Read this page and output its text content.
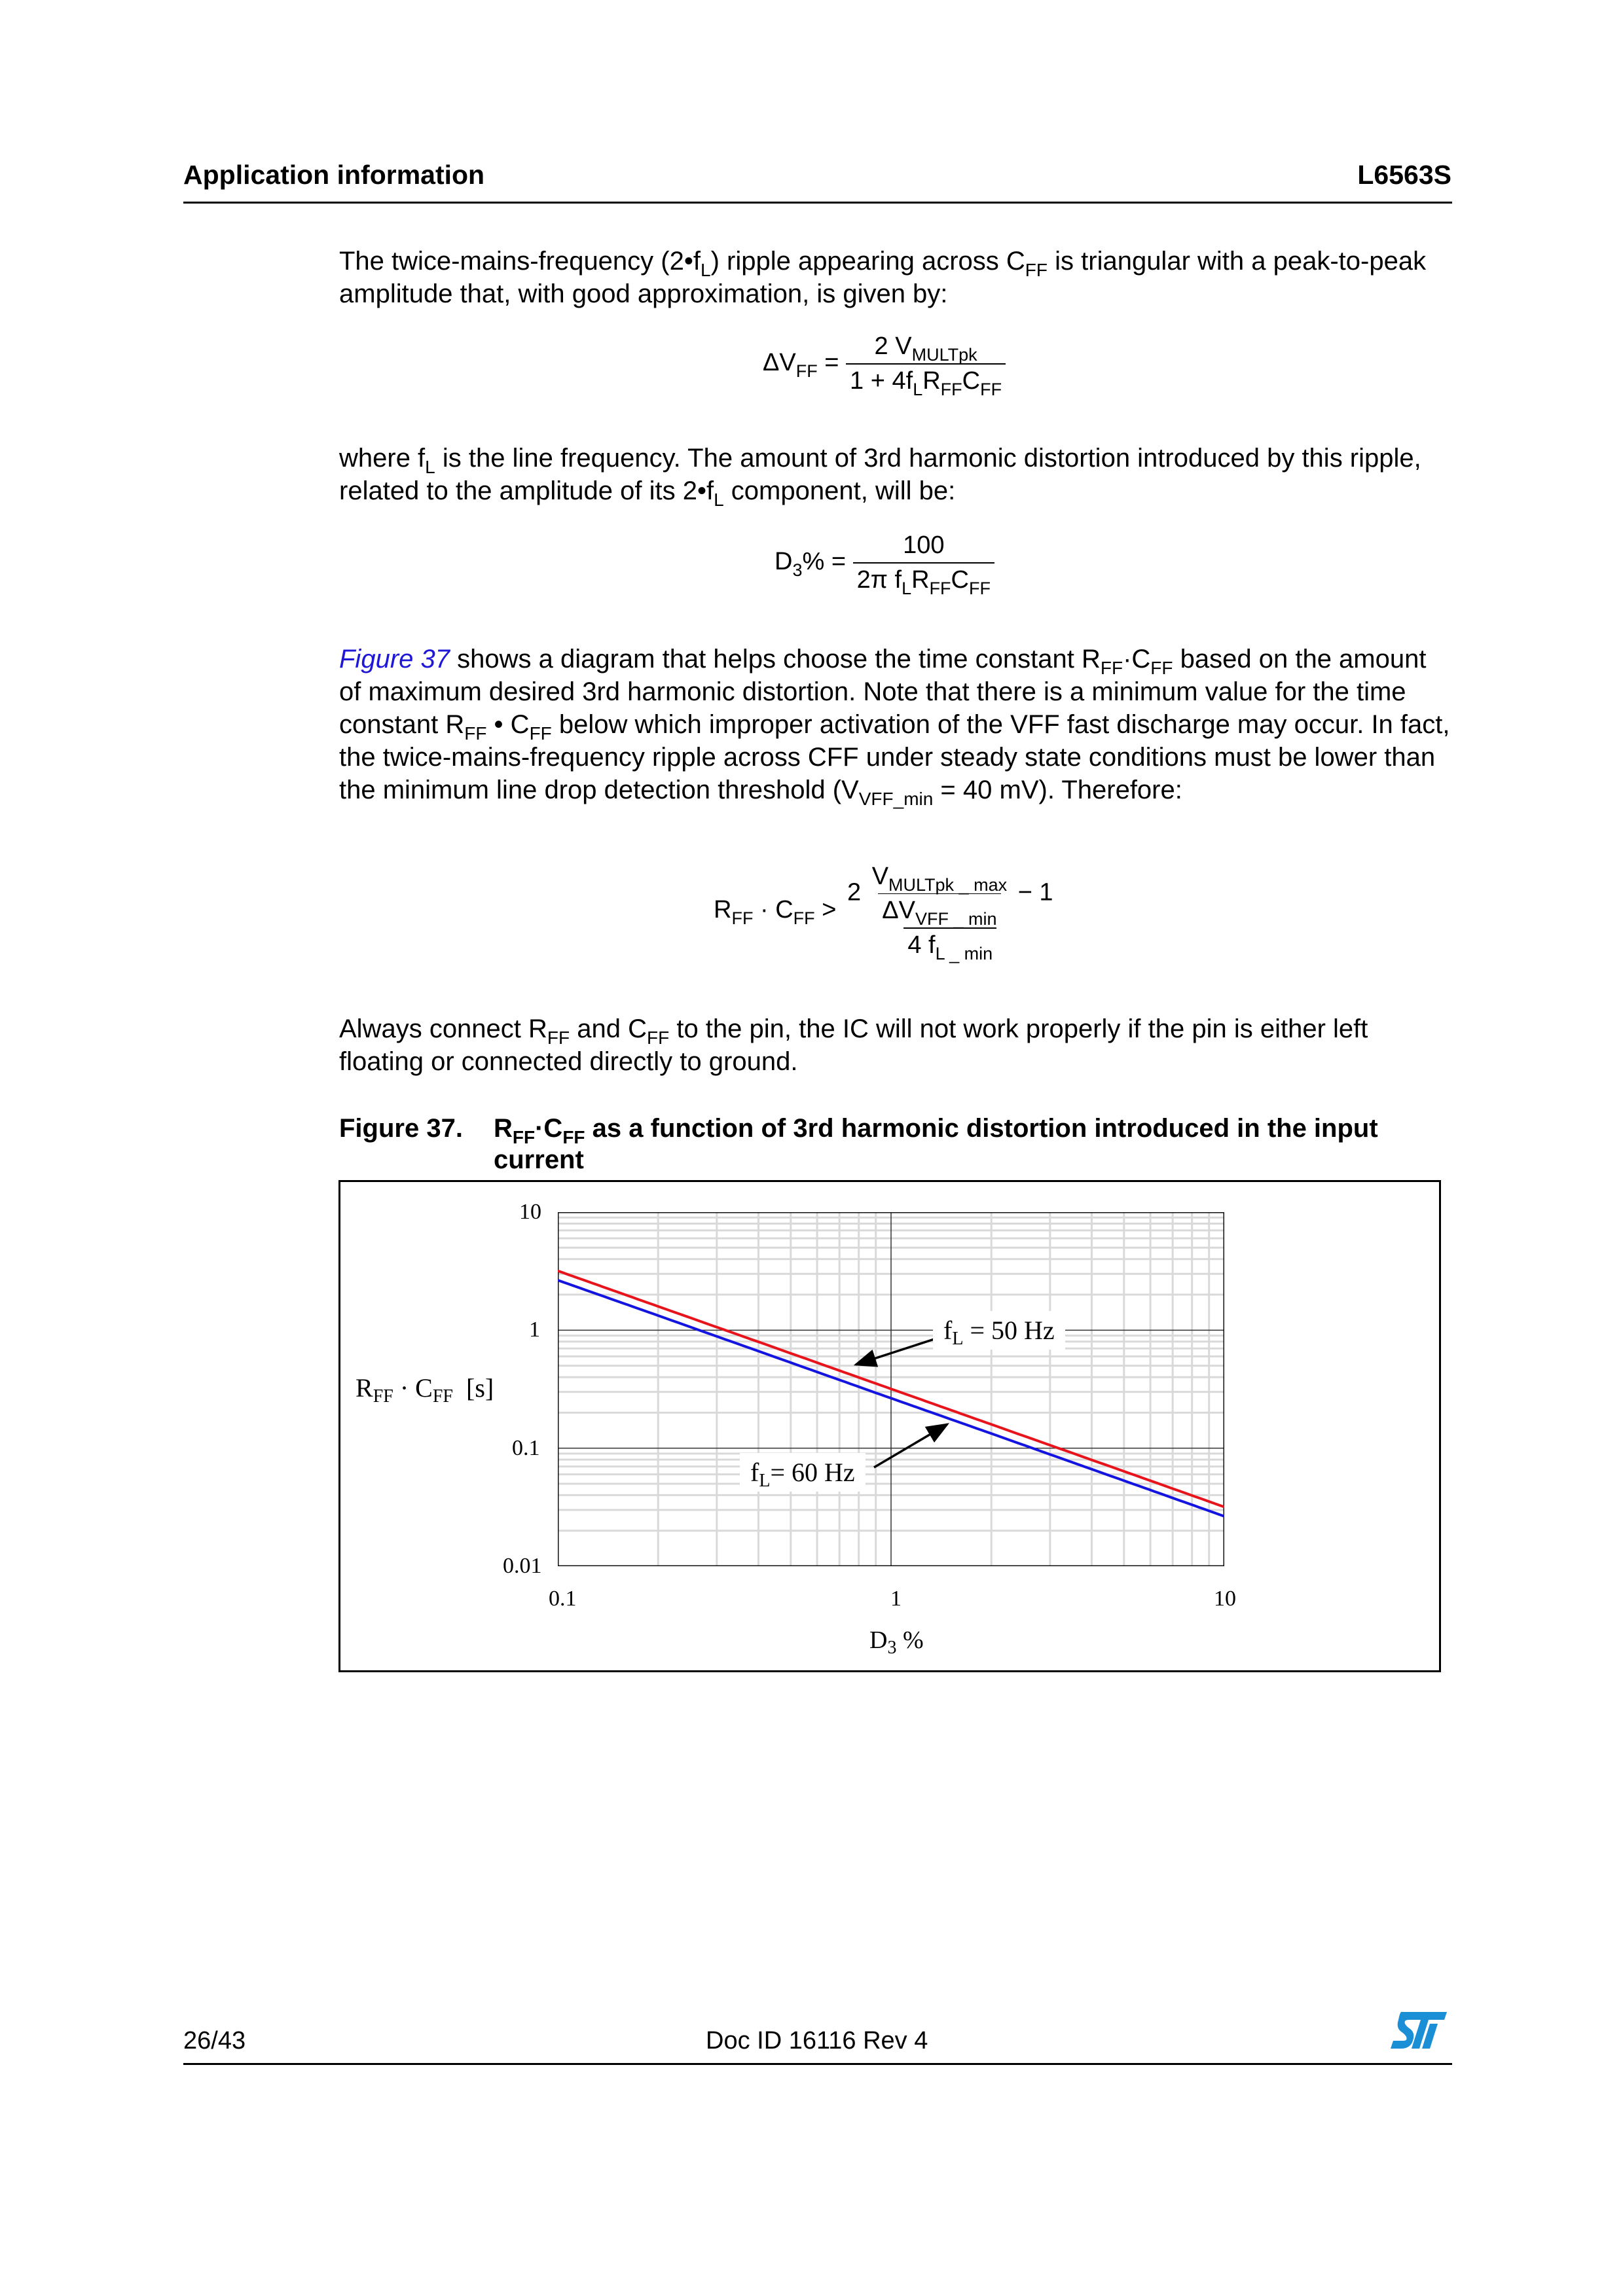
Application information	L6563S
The twice-mains-frequency $(2•f_L)$ ripple appearing across $C_{FF}$ is triangular with a peak-to-peak amplitude that, with good approximation, is given by:
$\Delta V_{FF} = \frac{2 V_{MULTpk}}{1 + 4f_LR_{FF}C_{FF}}$
where $f_L$ is the line frequency. The amount of 3rd harmonic distortion introduced by this ripple, related to the amplitude of its $2•f_L$ component, will be:
$D_3\% = \frac{100}{2\pi f_LR_{FF}C_{FF}}$
Figure 37 shows a diagram that helps choose the time constant $R_{FF}\cdot C_{FF}$ based on the amount of maximum desired 3rd harmonic distortion. Note that there is a minimum value for the time constant $R_{FF}$ • $C_{FF}$ below which improper activation of the VFF fast discharge may occur. In fact, the twice-mains-frequency ripple across CFF under steady state conditions must be lower than the minimum line drop detection threshold ($V_{VFF\_min} = 40$ mV). Therefore:
$R_{FF} \cdot C_{FF}$ >
$2 \frac{V_{MULTpk \_ max}}{\Delta V_{VFF \_ min}} - 1$
4 $f_{L \_ min}$
Always connect $R_{FF}$ and $C_{FF}$ to the pin, the IC will not work properly if the pin is either left floating or connected directly to ground.
Figure 37. $R_{FF}\cdot C_{FF}$ as a function of 3rd harmonic distortion introduced in the input current
$f_L = 50$ Hz
$f_L= 60$ Hz
10
1
0.1
0.01
0.1	1	10
$R_{FF} \cdot C_{FF}$  [s]
$D_3$ %
26/43	Doc ID 16116 Rev 4
